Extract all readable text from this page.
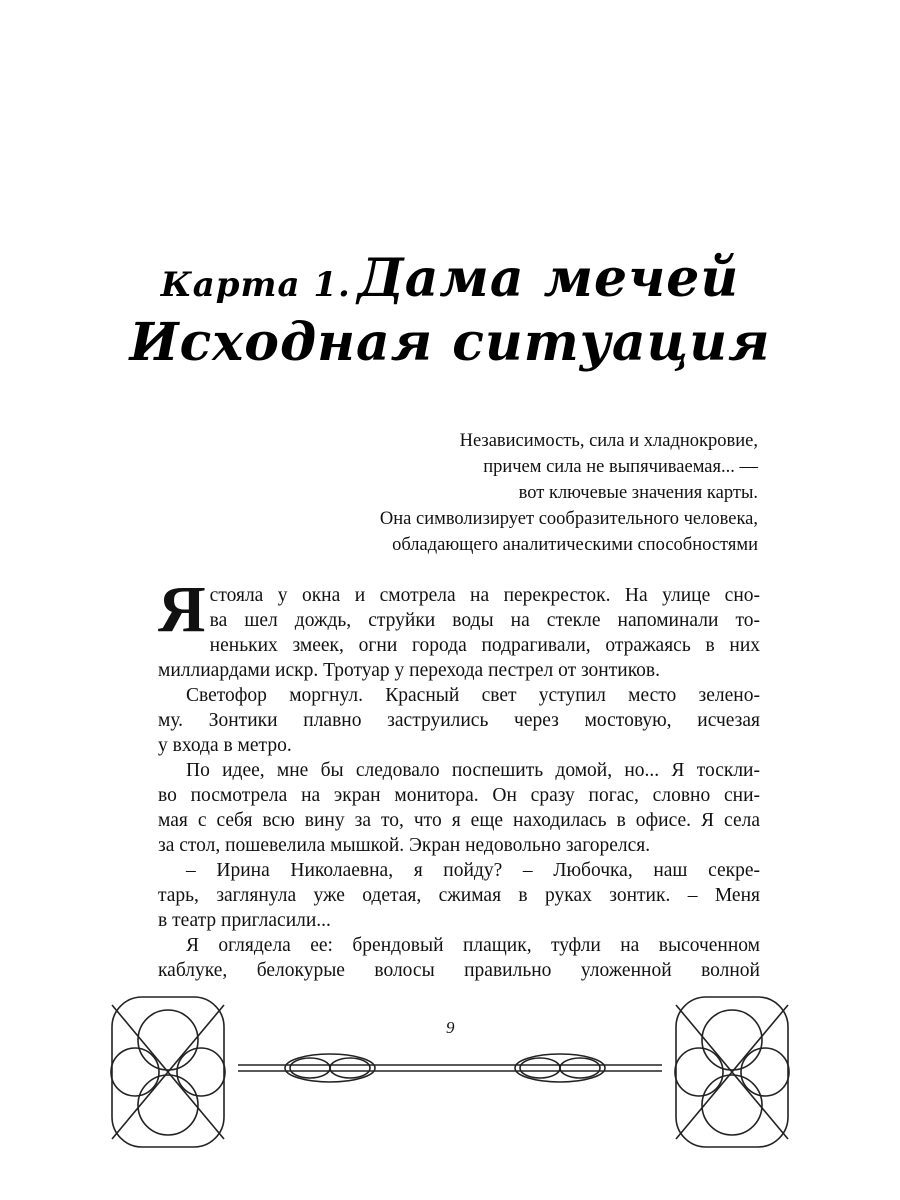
Карта 1. Дама мечей
Исходная ситуация
Независимость, сила и хладнокровие,
причем сила не выпячиваемая... —
вот ключевые значения карты.
Она символизирует сообразительного человека,
обладающего аналитическими способностями
Я стояла у окна и смотрела на перекресток. На улице сно-
ва шел дождь, струйки воды на стекле напоминали то-
неньких змеек, огни города подрагивали, отражаясь в них
миллиардами искр. Тротуар у перехода пестрел от зонтиков.
Светофор моргнул. Красный свет уступил место зелено-
му. Зонтики плавно заструились через мостовую, исчезая
у входа в метро.
По идее, мне бы следовало поспешить домой, но... Я тоскли-
во посмотрела на экран монитора. Он сразу погас, словно сни-
мая с себя всю вину за то, что я еще находилась в офисе. Я села
за стол, пошевелила мышкой. Экран недовольно загорелся.
– Ирина Николаевна, я пойду? – Любочка, наш секре-
тарь, заглянула уже одетая, сжимая в руках зонтик. – Меня
в театр пригласили...
Я оглядела ее: брендовый плащик, туфли на высоченном
каблуке, белокурые волосы правильно уложенной волной
9
